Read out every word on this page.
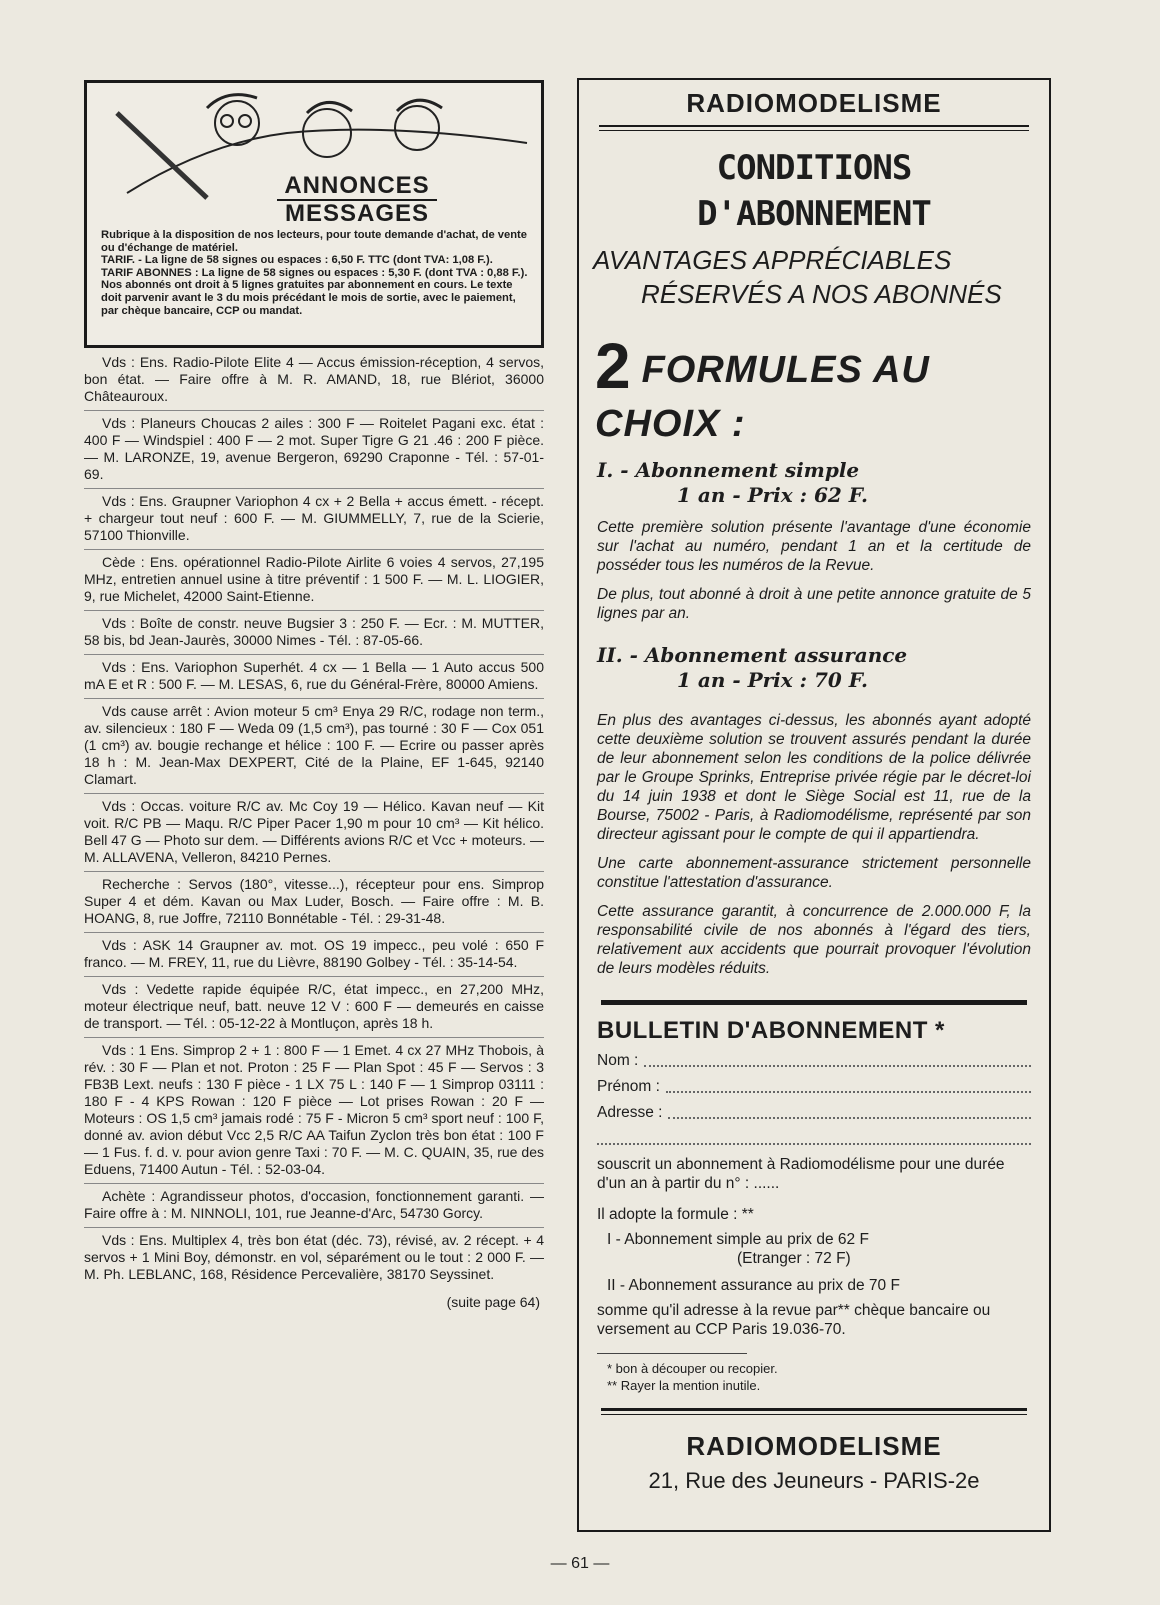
ANNONCES
MESSAGES

Rubrique à la disposition de nos lecteurs, pour toute demande d'achat, de vente ou d'échange de matériel.

TARIF. - La ligne de 58 signes ou espaces : 6,50 F. TTC (dont TVA: 1,08 F.).

TARIF ABONNES : La ligne de 58 signes ou espaces : 5,30 F. (dont TVA : 0,88 F.). Nos abonnés ont droit à 5 lignes gratuites par abonnement en cours. Le texte doit parvenir avant le 3 du mois précédant le mois de sortie, avec le paiement, par chèque bancaire, CCP ou mandat.

Vds : Ens. Radio-Pilote Elite 4 — Accus émission-réception, 4 servos, bon état. — Faire offre à M. R. AMAND, 18, rue Blériot, 36000 Châteauroux.
Vds : Planeurs Choucas 2 ailes : 300 F — Roitelet Pagani exc. état : 400 F — Windspiel : 400 F — 2 mot. Super Tigre G 21 .46 : 200 F pièce. — M. LARONZE, 19, avenue Bergeron, 69290 Craponne - Tél. : 57-01-69.
Vds : Ens. Graupner Variophon 4 cx + 2 Bella + accus émett. - récept. + chargeur tout neuf : 600 F. — M. GIUMMELLY, 7, rue de la Scierie, 57100 Thionville.
Cède : Ens. opérationnel Radio-Pilote Airlite 6 voies 4 servos, 27,195 MHz, entretien annuel usine à titre préventif : 1 500 F. — M. L. LIOGIER, 9, rue Michelet, 42000 Saint-Etienne.
Vds : Boîte de constr. neuve Bugsier 3 : 250 F. — Ecr. : M. MUTTER, 58 bis, bd Jean-Jaurès, 30000 Nimes - Tél. : 87-05-66.
Vds : Ens. Variophon Superhét. 4 cx — 1 Bella — 1 Auto accus 500 mA E et R : 500 F. — M. LESAS, 6, rue du Général-Frère, 80000 Amiens.
Vds cause arrêt : Avion moteur 5 cm³ Enya 29 R/C, rodage non term., av. silencieux : 180 F — Weda 09 (1,5 cm³), pas tourné : 30 F — Cox 051 (1 cm³) av. bougie rechange et hélice : 100 F. — Ecrire ou passer après 18 h : M. Jean-Max DEXPERT, Cité de la Plaine, EF 1-645, 92140 Clamart.
Vds : Occas. voiture R/C av. Mc Coy 19 — Hélico. Kavan neuf — Kit voit. R/C PB — Maqu. R/C Piper Pacer 1,90 m pour 10 cm³ — Kit hélico. Bell 47 G — Photo sur dem. — Différents avions R/C et Vcc + moteurs. — M. ALLAVENA, Velleron, 84210 Pernes.
Recherche : Servos (180°, vitesse...), récepteur pour ens. Simprop Super 4 et dém. Kavan ou Max Luder, Bosch. — Faire offre : M. B. HOANG, 8, rue Joffre, 72110 Bonnétable - Tél. : 29-31-48.
Vds : ASK 14 Graupner av. mot. OS 19 impecc., peu volé : 650 F franco. — M. FREY, 11, rue du Lièvre, 88190 Golbey - Tél. : 35-14-54.
Vds : Vedette rapide équipée R/C, état impecc., en 27,200 MHz, moteur électrique neuf, batt. neuve 12 V : 600 F — demeurés en caisse de transport. — Tél. : 05-12-22 à Montluçon, après 18 h.
Vds : 1 Ens. Simprop 2 + 1 : 800 F — 1 Emet. 4 cx 27 MHz Thobois, à rév. : 30 F — Plan et not. Proton : 25 F — Plan Spot : 45 F — Servos : 3 FB3B Lext. neufs : 130 F pièce - 1 LX 75 L : 140 F — 1 Simprop 03111 : 180 F - 4 KPS Rowan : 120 F pièce — Lot prises Rowan : 20 F — Moteurs : OS 1,5 cm³ jamais rodé : 75 F - Micron 5 cm³ sport neuf : 100 F, donné av. avion début Vcc 2,5 R/C AA Taifun Zyclon très bon état : 100 F — 1 Fus. f. d. v. pour avion genre Taxi : 70 F. — M. C. QUAIN, 35, rue des Eduens, 71400 Autun - Tél. : 52-03-04.
Achète : Agrandisseur photos, d'occasion, fonctionnement garanti. — Faire offre à : M. NINNOLI, 101, rue Jeanne-d'Arc, 54730 Gorcy.
Vds : Ens. Multiplex 4, très bon état (déc. 73), révisé, av. 2 récept. + 4 servos + 1 Mini Boy, démonstr. en vol, séparément ou le tout : 2 000 F. — M. Ph. LEBLANC, 168, Résidence Percevalière, 38170 Seyssinet.
(suite page 64)
RADIOMODELISME
CONDITIONS
D'ABONNEMENT
AVANTAGES APPRÉCIABLES
RÉSERVÉS A NOS ABONNÉS
2 FORMULES AU CHOIX :
I. - Abonnement simple
1 an - Prix : 62 F.
Cette première solution présente l'avantage d'une économie sur l'achat au numéro, pendant 1 an et la certitude de posséder tous les numéros de la Revue.
De plus, tout abonné à droit à une petite annonce gratuite de 5 lignes par an.
II. - Abonnement assurance
1 an - Prix : 70 F.
En plus des avantages ci-dessus, les abonnés ayant adopté cette deuxième solution se trouvent assurés pendant la durée de leur abonnement selon les conditions de la police délivrée par le Groupe Sprinks, Entreprise privée régie par le décret-loi du 14 juin 1938 et dont le Siège Social est 11, rue de la Bourse, 75002 - Paris, à Radiomodélisme, représenté par son directeur agissant pour le compte de qui il appartiendra.
Une carte abonnement-assurance strictement personnelle constitue l'attestation d'assurance.
Cette assurance garantit, à concurrence de 2.000.000 F, la responsabilité civile de nos abonnés à l'égard des tiers, relativement aux accidents que pourrait provoquer l'évolution de leurs modèles réduits.
BULLETIN D'ABONNEMENT *
Nom :
Prénom :
Adresse :
souscrit un abonnement à Radiomodélisme pour une durée d'un an à partir du n° : ......
Il adopte la formule : **
I - Abonnement simple au prix de 62 F
(Etranger : 72 F)
II - Abonnement assurance au prix de 70 F
somme qu'il adresse à la revue par** chèque bancaire ou versement au CCP Paris 19.036-70.
* bon à découper ou recopier.
** Rayer la mention inutile.
RADIOMODELISME
21, Rue des Jeuneurs - PARIS-2e
— 61 —
